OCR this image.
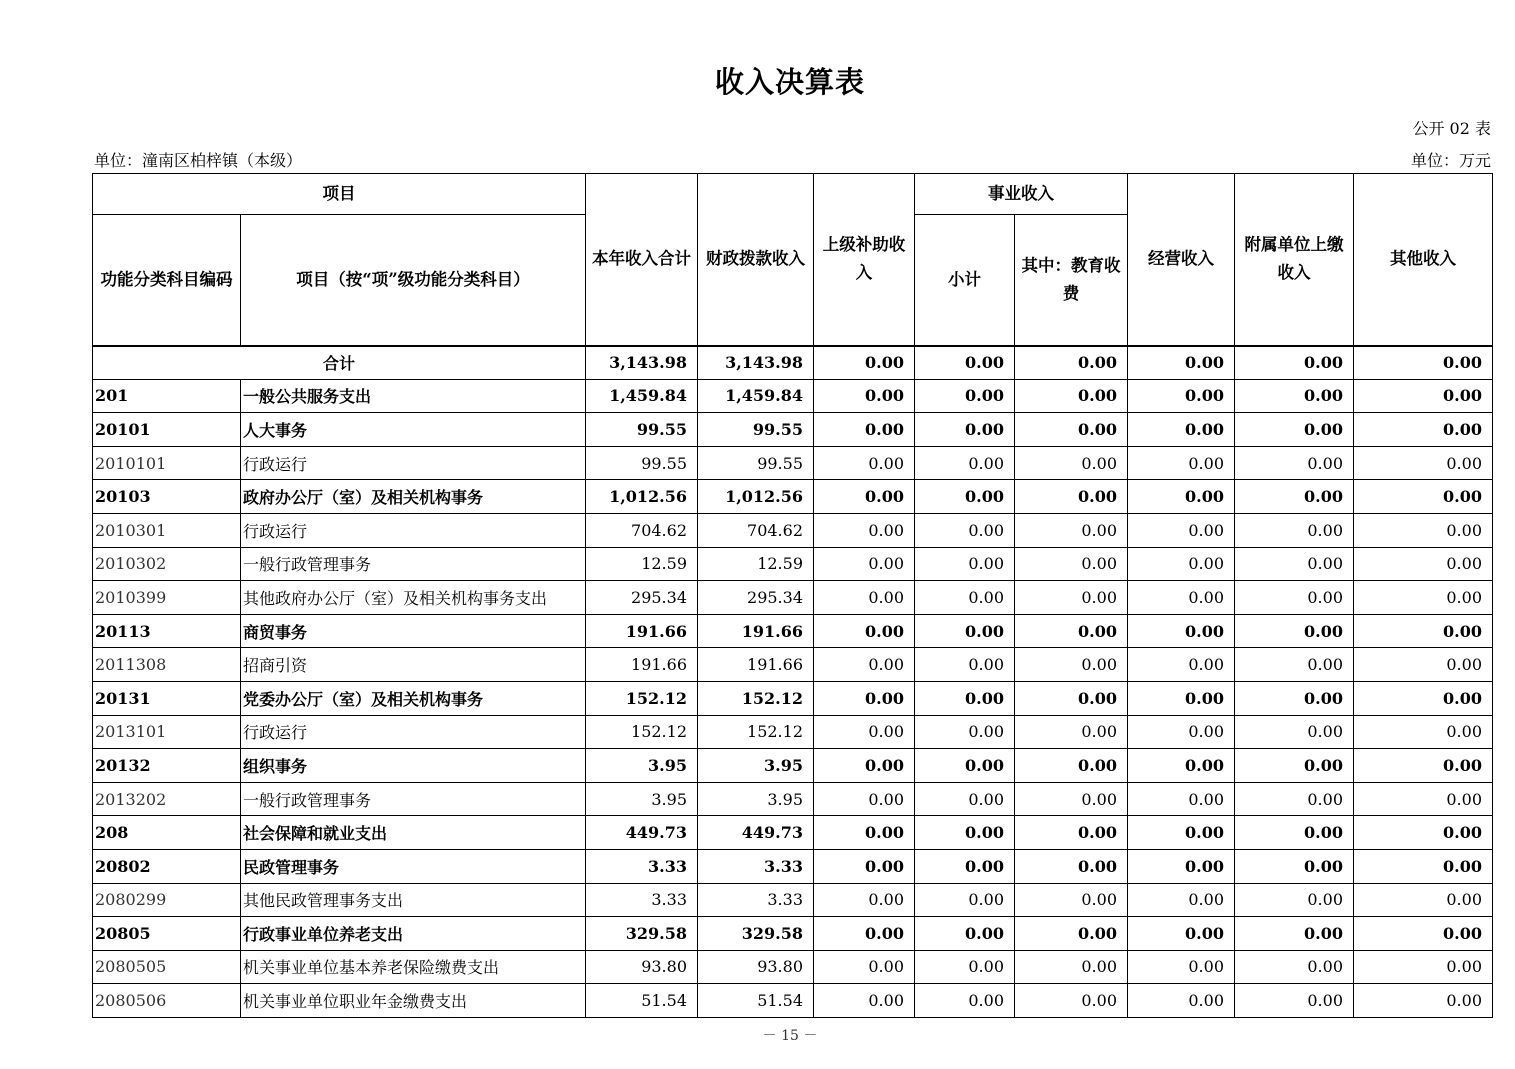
收入决算表
公开 02 表
单位：潼南区柏梓镇（本级）	单位：万元
项目		本年收入合计	财政拨款收入	上级补助收入	事业收入		经营收入	附属单位上缴收入	其他收入
功能分类科目编码	项目（按“项”级功能分类科目）				小计	其中：教育收费			
合计		3,143.98	3,143.98	0.00	0.00	0.00	0.00	0.00	0.00
201	一般公共服务支出	1,459.84	1,459.84	0.00	0.00	0.00	0.00	0.00	0.00
20101	人大事务	99.55	99.55	0.00	0.00	0.00	0.00	0.00	0.00
2010101	行政运行	99.55	99.55	0.00	0.00	0.00	0.00	0.00	0.00
20103	政府办公厅（室）及相关机构事务	1,012.56	1,012.56	0.00	0.00	0.00	0.00	0.00	0.00
2010301	行政运行	704.62	704.62	0.00	0.00	0.00	0.00	0.00	0.00
2010302	一般行政管理事务	12.59	12.59	0.00	0.00	0.00	0.00	0.00	0.00
2010399	其他政府办公厅（室）及相关机构事务支出	295.34	295.34	0.00	0.00	0.00	0.00	0.00	0.00
20113	商贸事务	191.66	191.66	0.00	0.00	0.00	0.00	0.00	0.00
2011308	招商引资	191.66	191.66	0.00	0.00	0.00	0.00	0.00	0.00
20131	党委办公厅（室）及相关机构事务	152.12	152.12	0.00	0.00	0.00	0.00	0.00	0.00
2013101	行政运行	152.12	152.12	0.00	0.00	0.00	0.00	0.00	0.00
20132	组织事务	3.95	3.95	0.00	0.00	0.00	0.00	0.00	0.00
2013202	一般行政管理事务	3.95	3.95	0.00	0.00	0.00	0.00	0.00	0.00
208	社会保障和就业支出	449.73	449.73	0.00	0.00	0.00	0.00	0.00	0.00
20802	民政管理事务	3.33	3.33	0.00	0.00	0.00	0.00	0.00	0.00
2080299	其他民政管理事务支出	3.33	3.33	0.00	0.00	0.00	0.00	0.00	0.00
20805	行政事业单位养老支出	329.58	329.58	0.00	0.00	0.00	0.00	0.00	0.00
2080505	机关事业单位基本养老保险缴费支出	93.80	93.80	0.00	0.00	0.00	0.00	0.00	0.00
2080506	机关事业单位职业年金缴费支出	51.54	51.54	0.00	0.00	0.00	0.00	0.00	0.00
－ 15 －
